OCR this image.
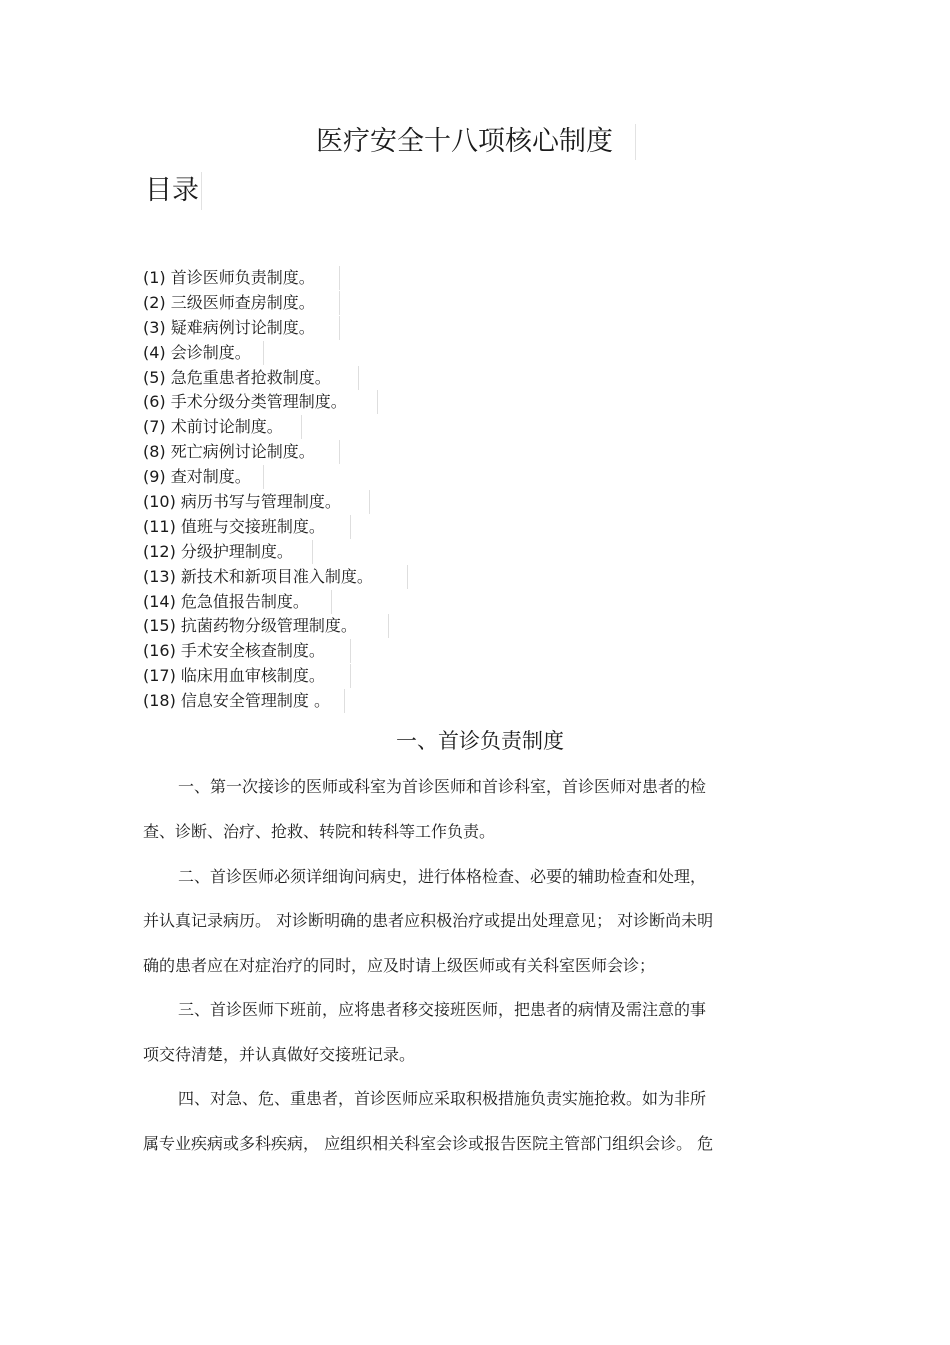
医疗安全十八项核心制度
目录
(1) 首诊医师负责制度。
(2) 三级医师查房制度。
(3) 疑难病例讨论制度。
(4) 会诊制度。
(5) 急危重患者抢救制度。
(6) 手术分级分类管理制度。
(7) 术前讨论制度。
(8) 死亡病例讨论制度。
(9) 查对制度。
(10) 病历书写与管理制度。
(11) 值班与交接班制度。
(12) 分级护理制度。
(13) 新技术和新项目准入制度。
(14) 危急值报告制度。
(15) 抗菌药物分级管理制度。
(16) 手术安全核查制度。
(17) 临床用血审核制度。
(18) 信息安全管理制度 。
一、首诊负责制度
一、第一次接诊的医师或科室为首诊医师和首诊科室，首诊医师对患者的检
查、诊断、治疗、抢救、转院和转科等工作负责。
二、首诊医师必须详细询问病史，进行体格检查、必要的辅助检查和处理，
并认真记录病历。 对诊断明确的患者应积极治疗或提出处理意见； 对诊断尚未明
确的患者应在对症治疗的同时，应及时请上级医师或有关科室医师会诊；
三、首诊医师下班前，应将患者移交接班医师，把患者的病情及需注意的事
项交待清楚，并认真做好交接班记录。
四、对急、危、重患者，首诊医师应采取积极措施负责实施抢救。如为非所
属专业疾病或多科疾病， 应组织相关科室会诊或报告医院主管部门组织会诊。 危
